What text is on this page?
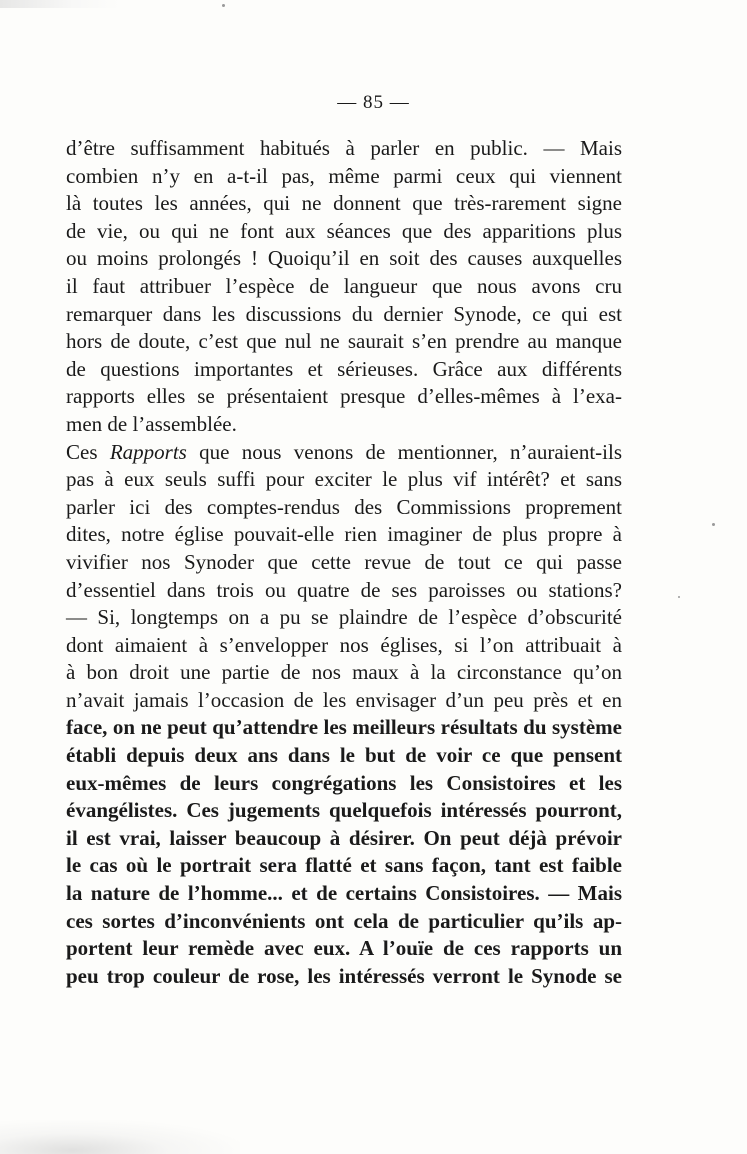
— 85 —
d’être suffisamment habitués à parler en public. — Mais
combien n’y en a-t-il pas, même parmi ceux qui viennent
là toutes les années, qui ne donnent que très-rarement signe
de vie, ou qui ne font aux séances que des apparitions plus
ou moins prolongés ! Quoiqu’il en soit des causes auxquelles
il faut attribuer l’espèce de langueur que nous avons cru
remarquer dans les discussions du dernier Synode, ce qui est
hors de doute, c’est que nul ne saurait s’en prendre au manque
de questions importantes et sérieuses. Grâce aux différents
rapports elles se présentaient presque d’elles-mêmes à l’exa-
men de l’assemblée.
Ces Rapports que nous venons de mentionner, n’auraient-ils
pas à eux seuls suffi pour exciter le plus vif intérêt? et sans
parler ici des comptes-rendus des Commissions proprement
dites, notre église pouvait-elle rien imaginer de plus propre à
vivifier nos Synoder que cette revue de tout ce qui passe
d’essentiel dans trois ou quatre de ses paroisses ou stations?
— Si, longtemps on a pu se plaindre de l’espèce d’obscurité
dont aimaient à s’envelopper nos églises, si l’on attribuait à
à bon droit une partie de nos maux à la circonstance qu’on
n’avait jamais l’occasion de les envisager d’un peu près et en
face, on ne peut qu’attendre les meilleurs résultats du système
établi depuis deux ans dans le but de voir ce que pensent
eux-mêmes de leurs congrégations les Consistoires et les
évangélistes. Ces jugements quelquefois intéressés pourront,
il est vrai, laisser beaucoup à désirer. On peut déjà prévoir
le cas où le portrait sera flatté et sans façon, tant est faible
la nature de l’homme... et de certains Consistoires. — Mais
ces sortes d’inconvénients ont cela de particulier qu’ils ap-
portent leur remède avec eux. A l’ouïe de ces rapports un
peu trop couleur de rose, les intéressés verront le Synode se
